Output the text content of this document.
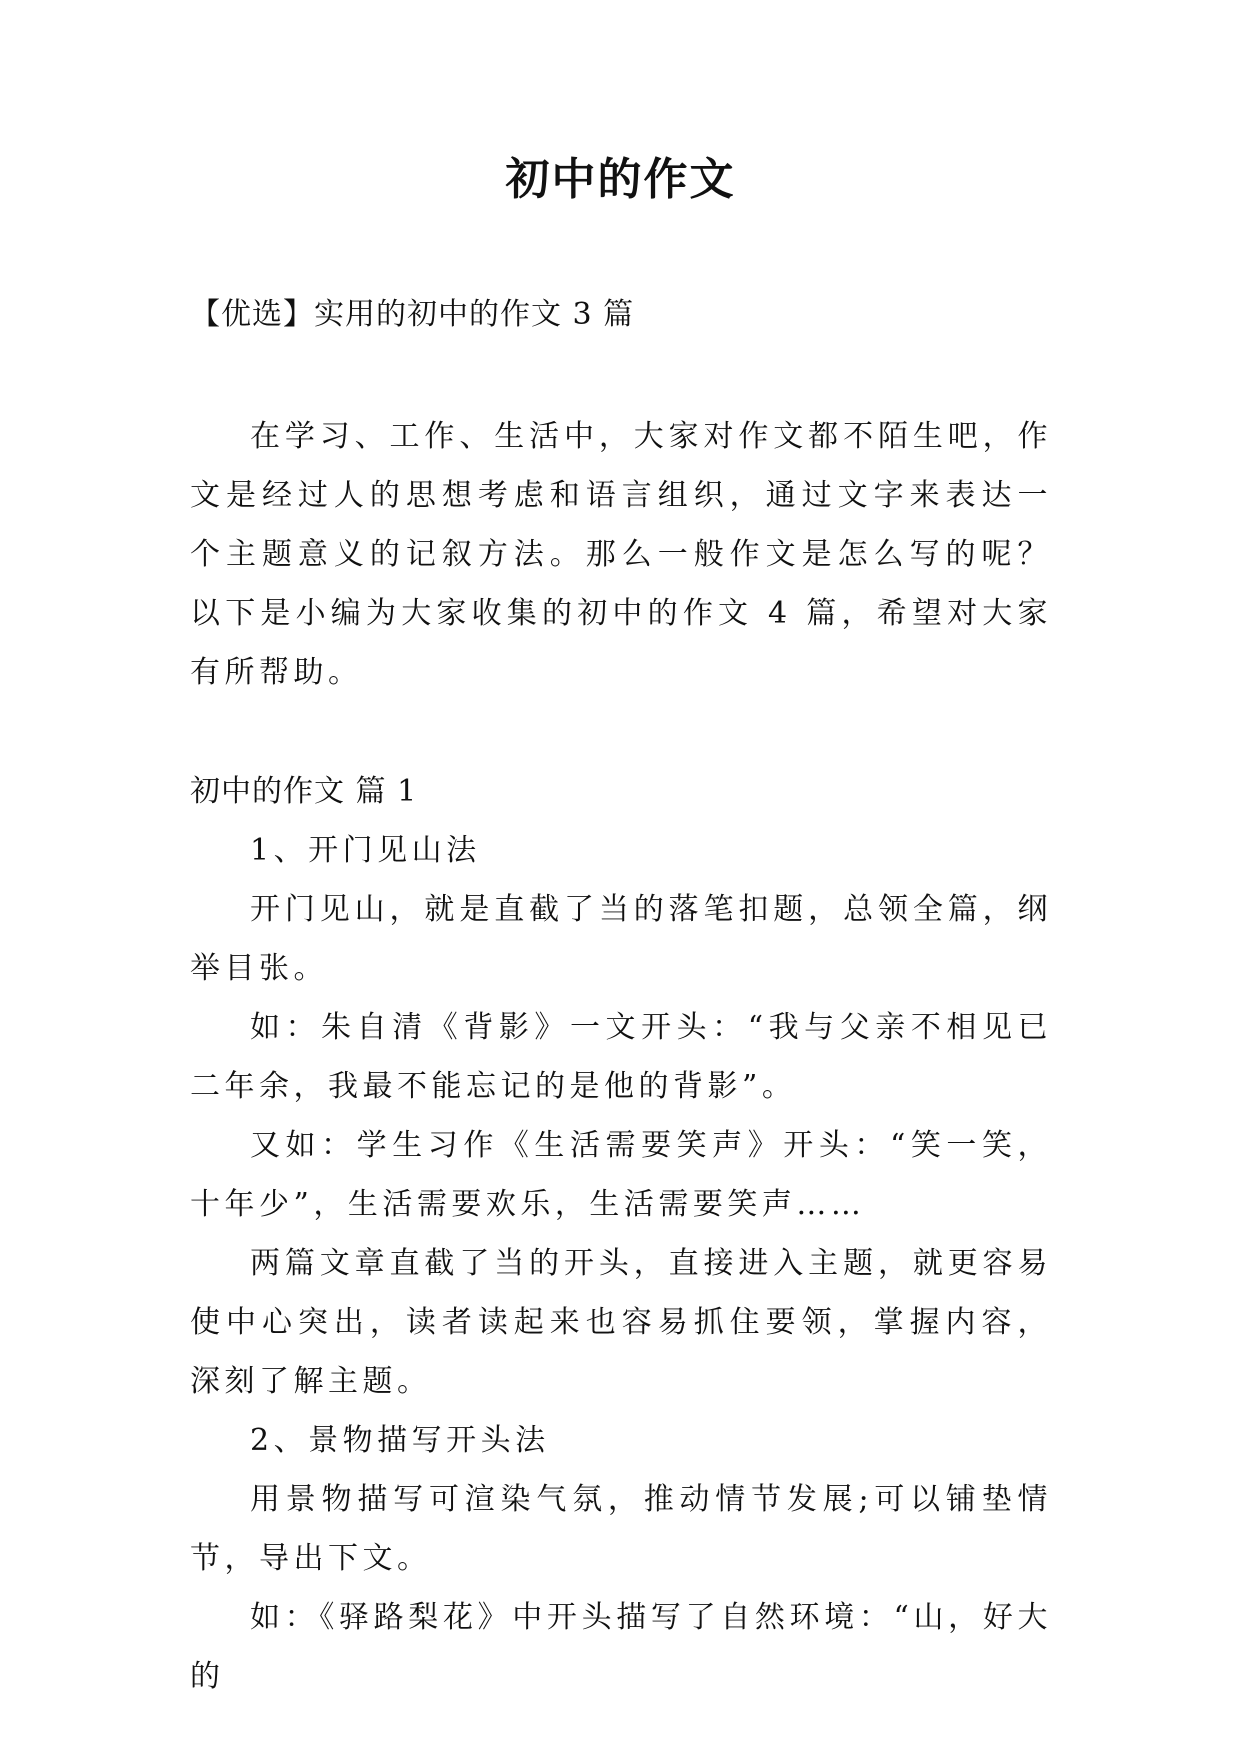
初中的作文

【优选】实用的初中的作文 3 篇

在学习、工作、生活中，大家对作文都不陌生吧，作文是经过人的思想考虑和语言组织，通过文字来表达一个主题意义的记叙方法。那么一般作文是怎么写的呢？以下是小编为大家收集的初中的作文 4 篇，希望对大家有所帮助。

初中的作文 篇 1

1、开门见山法

开门见山，就是直截了当的落笔扣题，总领全篇，纲举目张。

如：朱自清《背影》一文开头：“我与父亲不相见已二年余，我最不能忘记的是他的背影”。

又如：学生习作《生活需要笑声》开头：“笑一笑，十年少”，生活需要欢乐，生活需要笑声……

两篇文章直截了当的开头，直接进入主题，就更容易使中心突出，读者读起来也容易抓住要领，掌握内容，深刻了解主题。

2、景物描写开头法

用景物描写可渲染气氛，推动情节发展;可以铺垫情节，导出下文。

如：《驿路梨花》中开头描写了自然环境：“山，好大的
